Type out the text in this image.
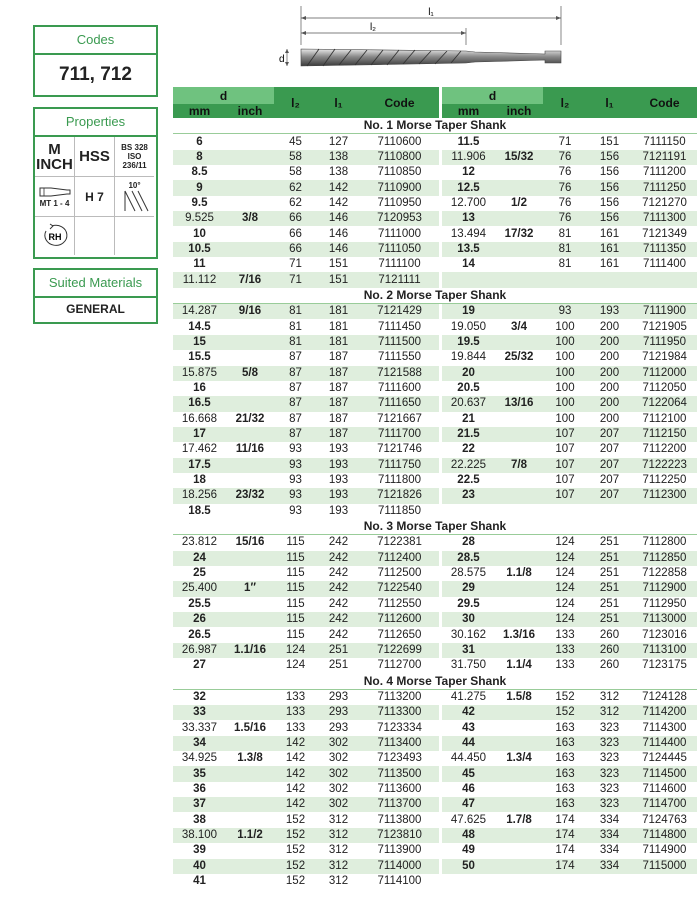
Codes
711, 712
Properties
M
INCH HSS
BS 328
ISO
236/11
MT 1 - 4 H 7
10°
RH
Suited Materials
GENERAL
l₁
l₂
d
d		l₂	l₁	Code		d		l₂	l₁	Code
mm	inch					mm	inch			
No. 1 Morse Taper Shank										
6		45	127	7110600		11.5		71	151	7111150
8		58	138	7110800		11.906	15/32	76	156	7121191
8.5		58	138	7110850		12		76	156	7111200
9		62	142	7110900		12.5		76	156	7111250
9.5		62	142	7110950		12.700	1/2	76	156	7121270
9.525	3/8	66	146	7120953		13		76	156	7111300
10		66	146	7111000		13.494	17/32	81	161	7121349
10.5		66	146	7111050		13.5		81	161	7111350
11		71	151	7111100		14		81	161	7111400
11.112	7/16	71	151	7121111						
No. 2 Morse Taper Shank										
14.287	9/16	81	181	7121429		19		93	193	7111900
14.5		81	181	7111450		19.050	3/4	100	200	7121905
15		81	181	7111500		19.5		100	200	7111950
15.5		87	187	7111550		19.844	25/32	100	200	7121984
15.875	5/8	87	187	7121588		20		100	200	7112000
16		87	187	7111600		20.5		100	200	7112050
16.5		87	187	7111650		20.637	13/16	100	200	7122064
16.668	21/32	87	187	7121667		21		100	200	7112100
17		87	187	7111700		21.5		107	207	7112150
17.462	11/16	93	193	7121746		22		107	207	7112200
17.5		93	193	7111750		22.225	7/8	107	207	7122223
18		93	193	7111800		22.5		107	207	7112250
18.256	23/32	93	193	7121826		23		107	207	7112300
18.5		93	193	7111850						
No. 3 Morse Taper Shank										
23.812	15/16	115	242	7122381		28		124	251	7112800
24		115	242	7112400		28.5		124	251	7112850
25		115	242	7112500		28.575	1.1/8	124	251	7122858
25.400	1″	115	242	7122540		29		124	251	7112900
25.5		115	242	7112550		29.5		124	251	7112950
26		115	242	7112600		30		124	251	7113000
26.5		115	242	7112650		30.162	1.3/16	133	260	7123016
26.987	1.1/16	124	251	7122699		31		133	260	7113100
27		124	251	7112700		31.750	1.1/4	133	260	7123175
No. 4 Morse Taper Shank										
32		133	293	7113200		41.275	1.5/8	152	312	7124128
33		133	293	7113300		42		152	312	7114200
33.337	1.5/16	133	293	7123334		43		163	323	7114300
34		142	302	7113400		44		163	323	7114400
34.925	1.3/8	142	302	7123493		44.450	1.3/4	163	323	7124445
35		142	302	7113500		45		163	323	7114500
36		142	302	7113600		46		163	323	7114600
37		142	302	7113700		47		163	323	7114700
38		152	312	7113800		47.625	1.7/8	174	334	7124763
38.100	1.1/2	152	312	7123810		48		174	334	7114800
39		152	312	7113900		49		174	334	7114900
40		152	312	7114000		50		174	334	7115000
41		152	312	7114100						
